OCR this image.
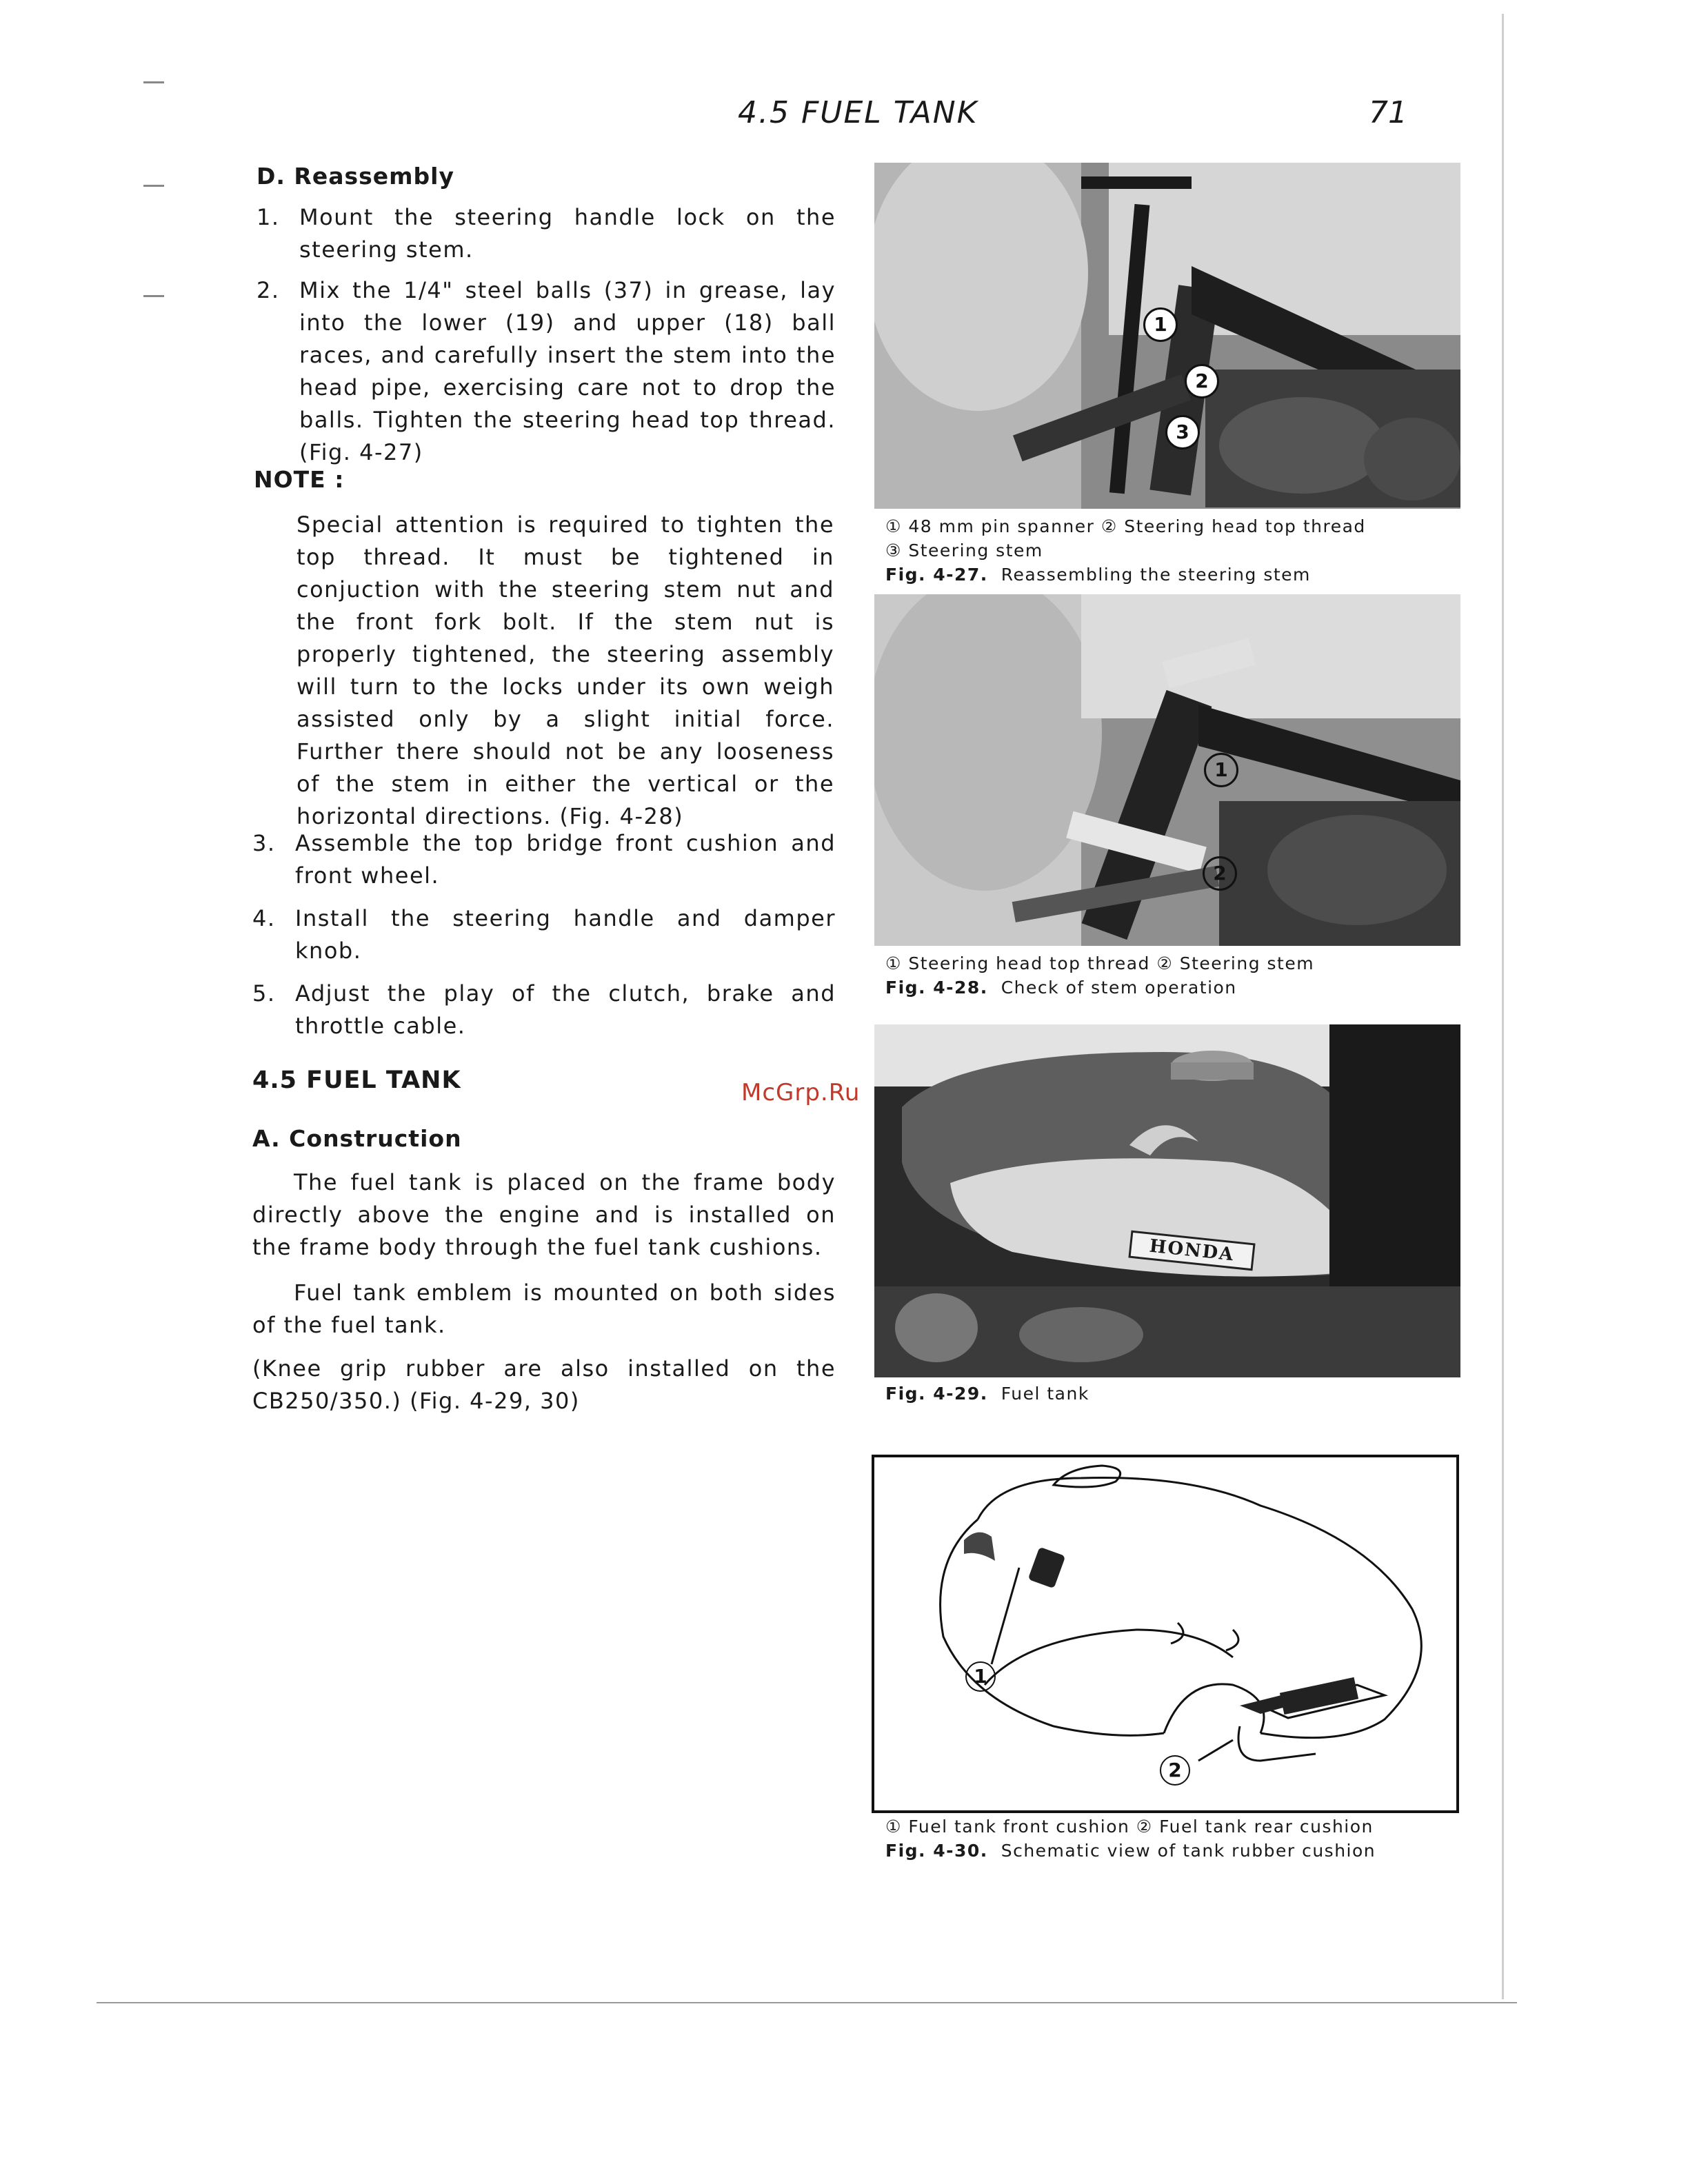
4.5 FUEL TANK	71
D. Reassembly
1. Mount the steering handle lock on the steering stem.
2. Mix the 1/4" steel balls (37) in grease, lay into the lower (19) and upper (18) ball races, and carefully insert the stem into the head pipe, exercising care not to drop the balls. Tighten the steering head top thread. (Fig. 4-27)
NOTE :
Special attention is required to tighten the top thread. It must be tightened in conjuction with the steering stem nut and the front fork bolt. If the stem nut is properly tightened, the steering assembly will turn to the locks under its own weigh assisted only by a slight initial force. Further there should not be any looseness of the stem in either the vertical or the horizontal directions. (Fig. 4-28)
3. Assemble the top bridge front cushion and front wheel.
4. Install the steering handle and damper knob.
5. Adjust the play of the clutch, brake and throttle cable.
4.5 FUEL TANK
A. Construction
The fuel tank is placed on the frame body directly above the engine and is installed on the frame body through the fuel tank cushions.
Fuel tank emblem is mounted on both sides of the fuel tank.
(Knee grip rubber are also installed on the CB250/350.) (Fig. 4-29, 30)
McGrp.Ru
1
2
3
① 48 mm pin spanner ② Steering head top thread
③ Steering stem
Fig. 4-27. Reassembling the steering stem
1
2
① Steering head top thread ② Steering stem
Fig. 4-28. Check of stem operation
HONDA
Fig. 4-29. Fuel tank
1
2
① Fuel tank front cushion ② Fuel tank rear cushion
Fig. 4-30. Schematic view of tank rubber cushion
